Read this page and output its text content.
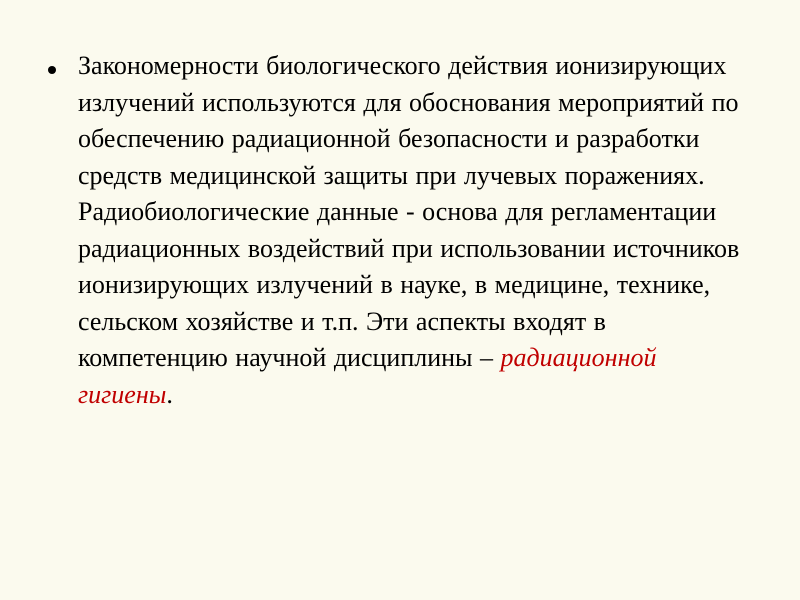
Закономерности биологического действия ионизирующих излучений используются для обоснования мероприятий по обеспечению радиационной безопасности и разработки средств медицинской защиты при лучевых поражениях. Радиобиологические данные - основа для регламентации радиационных воздействий при использовании источников ионизирующих излучений в науке, в медицине, технике, сельском хозяйстве и т.п. Эти аспекты входят в компетенцию научной дисциплины – радиационной гигиены.
